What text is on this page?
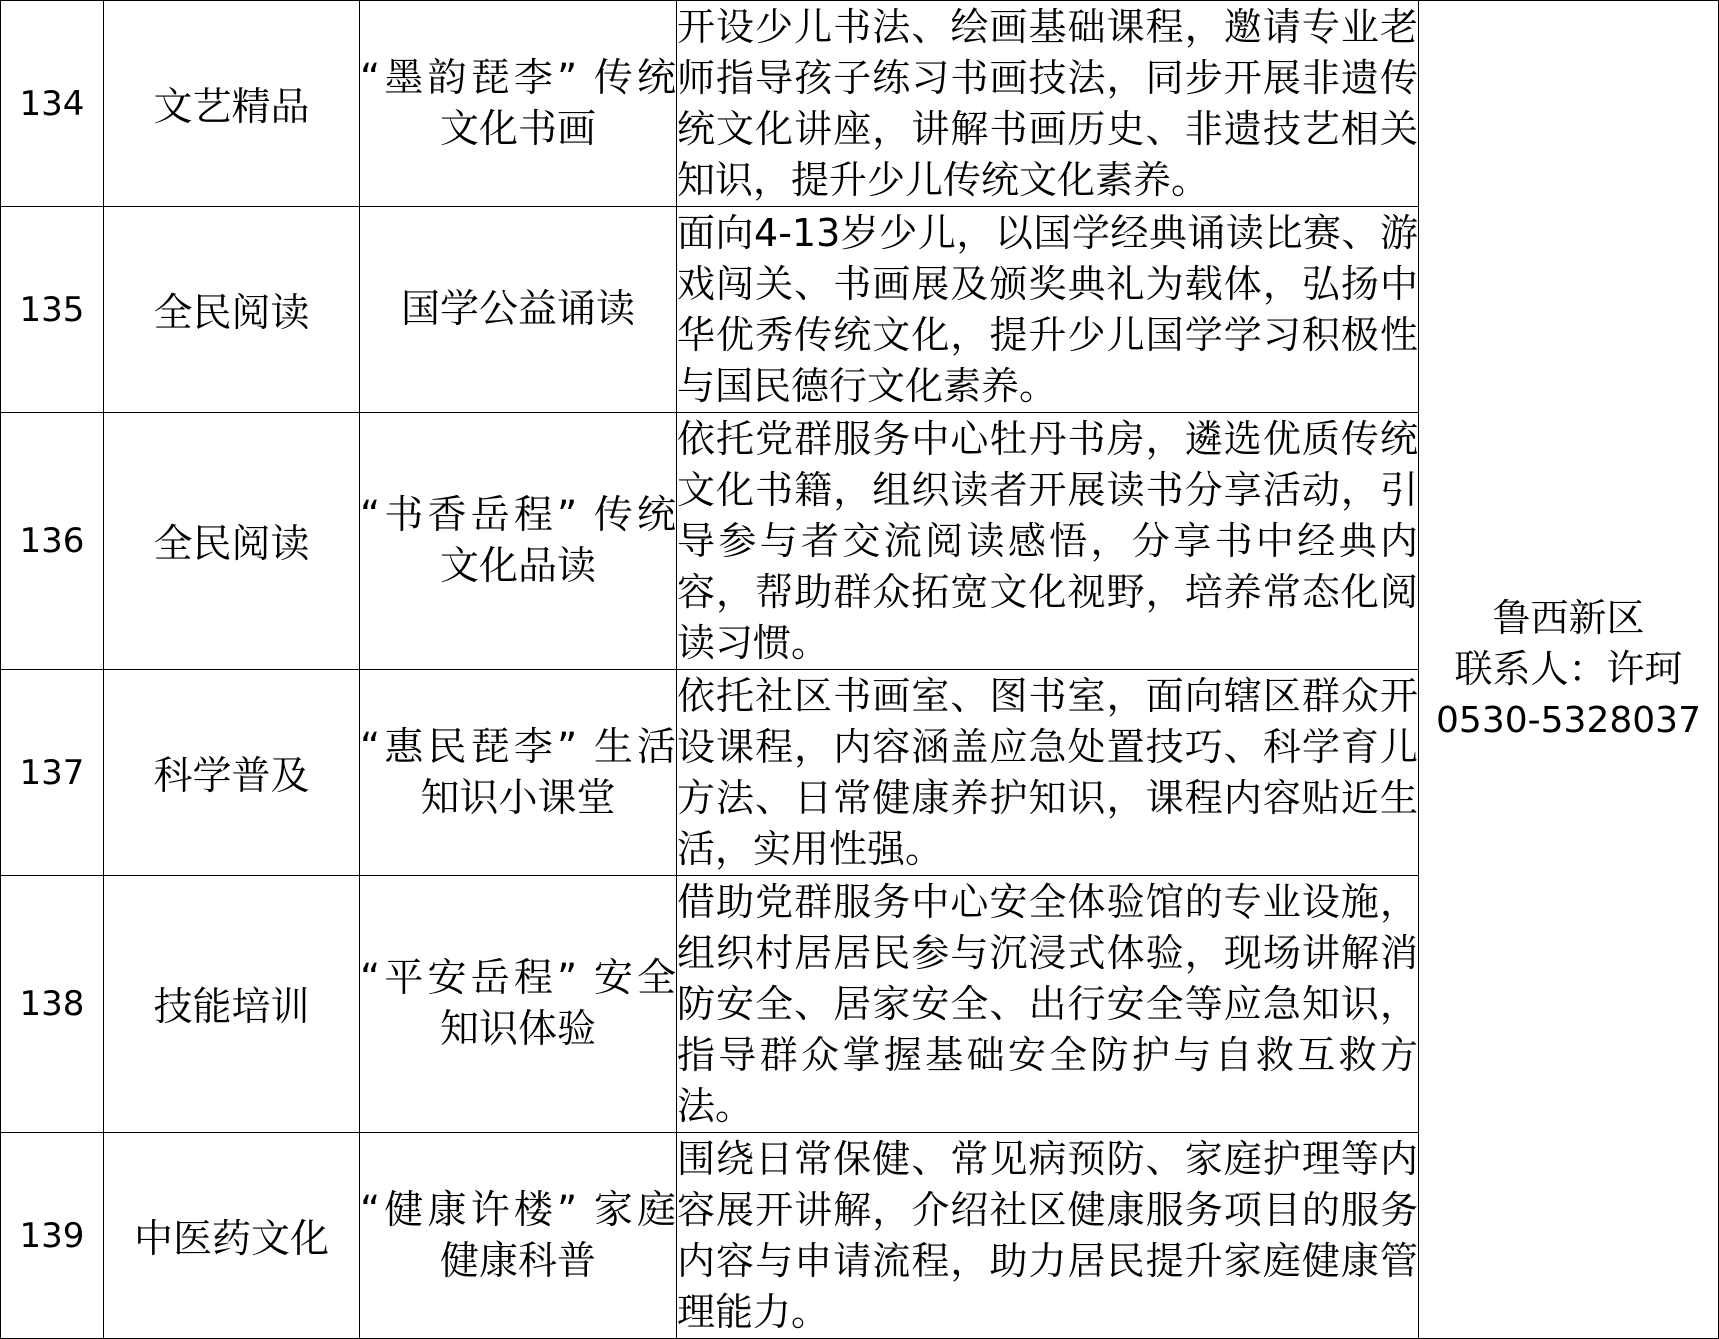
134	文艺精品	“墨韵琵李” 传统文化书画	开设少儿书法、绘画基础课程，邀请专业老师指导孩子练习书画技法，同步开展非遗传统文化讲座，讲解书画历史、非遗技艺相关知识，提升少儿传统文化素养。	鲁西新区
联系人：许珂
0530-5328037

135	全民阅读	国学公益诵读	面向4-13岁少儿，以国学经典诵读比赛、游戏闯关、书画展及颁奖典礼为载体，弘扬中华优秀传统文化，提升少儿国学学习积极性与国民德行文化素养。	

136	全民阅读	“书香岳程” 传统文化品读	依托党群服务中心牡丹书房，遴选优质传统文化书籍，组织读者开展读书分享活动，引导参与者交流阅读感悟，分享书中经典内容，帮助群众拓宽文化视野，培养常态化阅读习惯。	

137	科学普及	“惠民琵李” 生活知识小课堂	依托社区书画室、图书室，面向辖区群众开设课程，内容涵盖应急处置技巧、科学育儿方法、日常健康养护知识，课程内容贴近生活，实用性强。	

138	技能培训	“平安岳程” 安全知识体验	借助党群服务中心安全体验馆的专业设施，组织村居居民参与沉浸式体验，现场讲解消防安全、居家安全、出行安全等应急知识，指导群众掌握基础安全防护与自救互救方法。	

139	中医药文化	“健康许楼” 家庭健康科普	围绕日常保健、常见病预防、家庭护理等内容展开讲解，介绍社区健康服务项目的服务内容与申请流程，助力居民提升家庭健康管理能力。	
